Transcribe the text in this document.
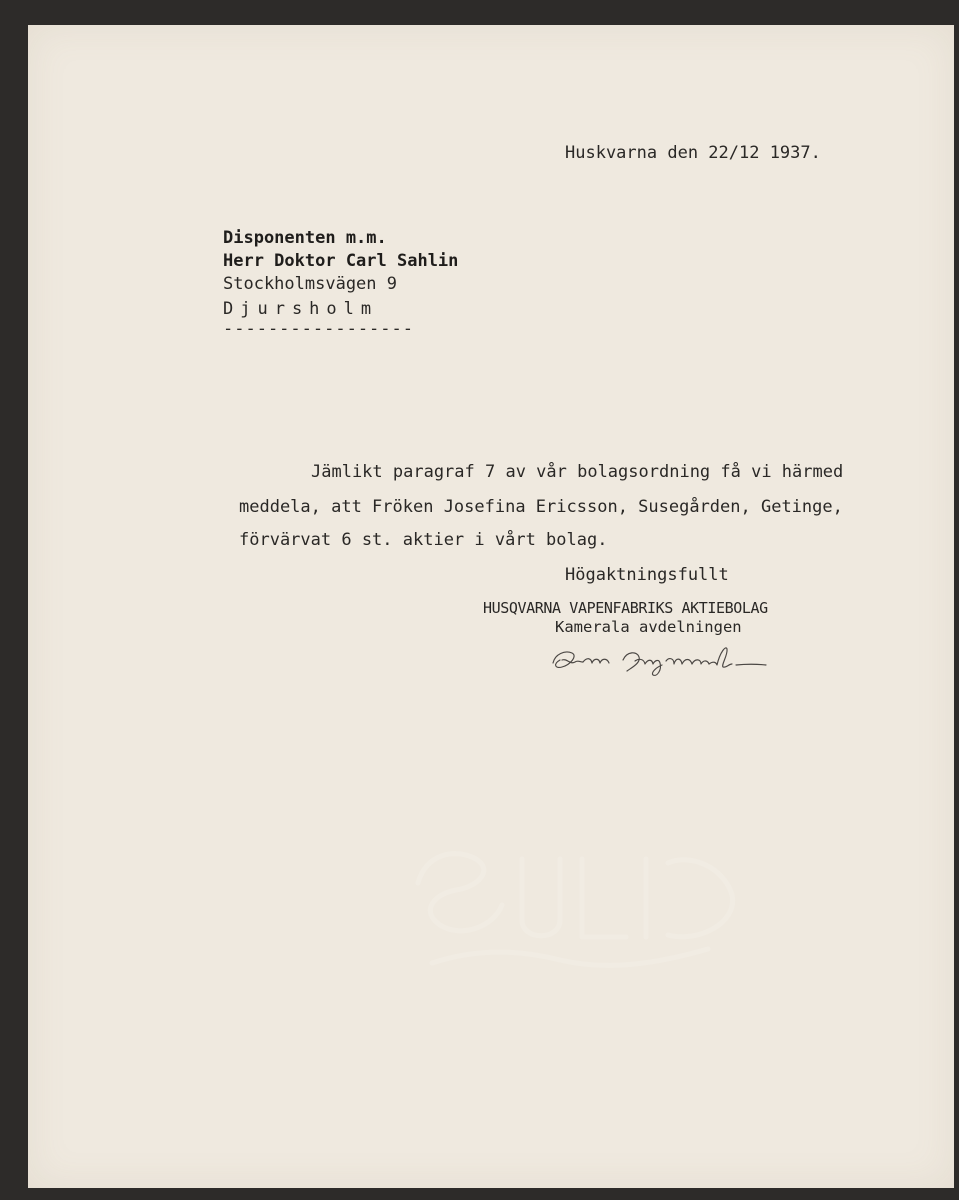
Huskvarna den 22/12 1937.
Disponenten m.m.
Herr Doktor Carl Sahlin
Stockholmsvägen 9
Djursholm
-----------------
Jämlikt paragraf 7 av vår bolagsordning få vi härmed
meddela, att Fröken Josefina Ericsson, Susegården, Getinge,
förvärvat 6 st. aktier i vårt bolag.
Högaktningsfullt
HUSQVARNA VAPENFABRIKS AKTIEBOLAG
Kamerala avdelningen
